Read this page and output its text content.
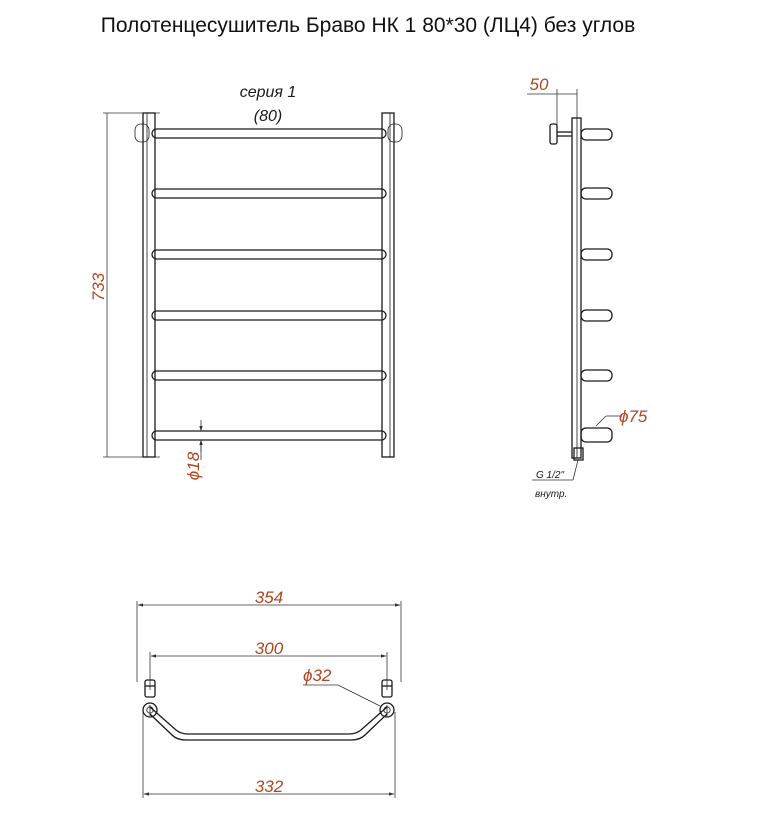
Полотенцесушитель Браво НК 1 80*30 (ЛЦ4) без углов
733
серия 1
(80)
ϕ18
50
ϕ75
G 1/2"
внутр.
354
300
ϕ32
332
